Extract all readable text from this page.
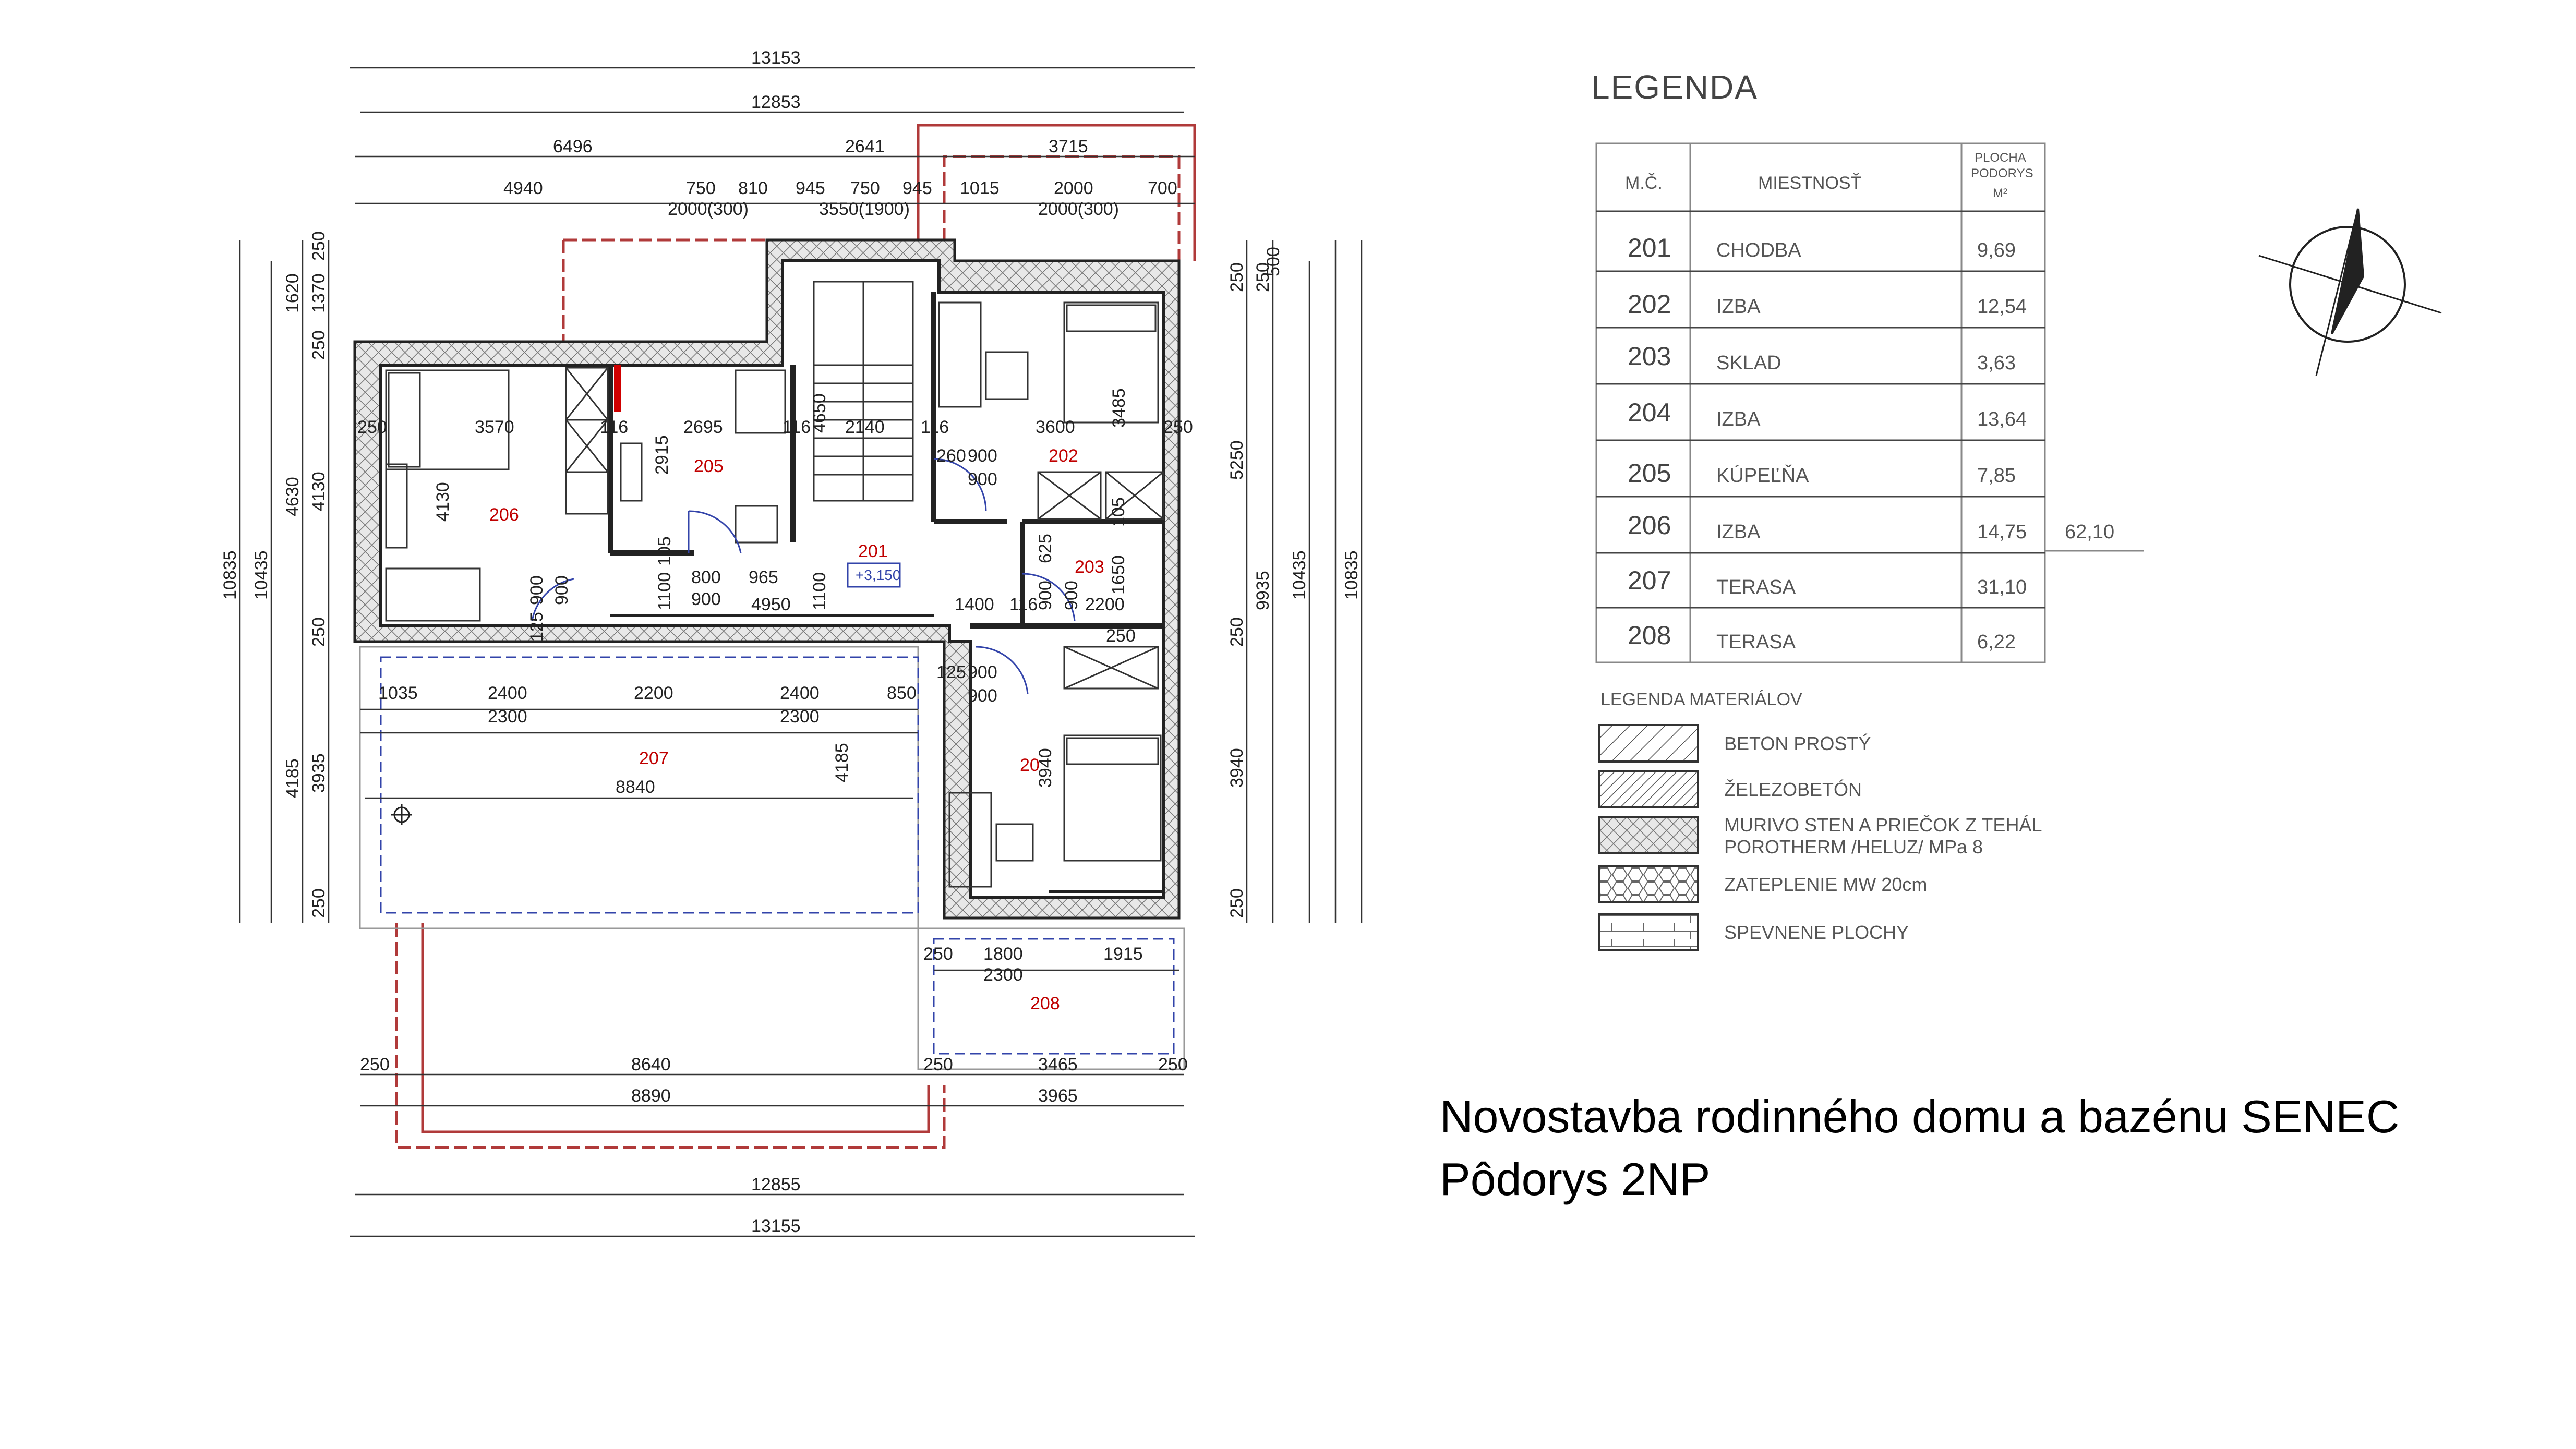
13153
12853
6496	2641	3715
4940	750 810 945 750 945 1015	2000	700
2000(300)	3550(1900)	2000(300)
12855
13155
250	8640	250	3465	250
8890	3965
10835 10435
1620
4630
4185
250
1370
250
4130
250
3935
250
250 250
500
5250
250
3940
250
9935 10435 10835
3570	116	2695	116 2140 116	3600
250	250
4130
2915
4650	3485
260 900
900
202
125
900 900
105
1100 800 965
900 4950 1100	1400 116	2200
900 900
625
1650
105
250
125 900
900
1035	2400	2200	2400	850
2300	2300
8840
4185	3940
250 1800	1915
2300
206
205
201
203
20
207
208
+3,150
M.Č.	MIESTNOSŤ
PLOCHA
PODORYS
M²
201 CHODBA	9,69
202 IZBA	12,54
203 SKLAD	3,63
204 IZBA	13,64
205 KÚPEĽŇA	7,85
206 IZBA	14,75 62,10
207 TERASA	31,10
208 TERASA	6,22
LEGENDA MATERIÁLOV
BETON PROSTÝ
ŽELEZOBETÓN
MURIVO STEN A PRIEČOK Z TEHÁL
POROTHERM /HELUZ/ MPa 8
ZATEPLENIE MW 20cm
SPEVNENE PLOCHY
LEGENDA
Novostavba rodinného domu a bazénu SENEC
Pôdorys 2NP
